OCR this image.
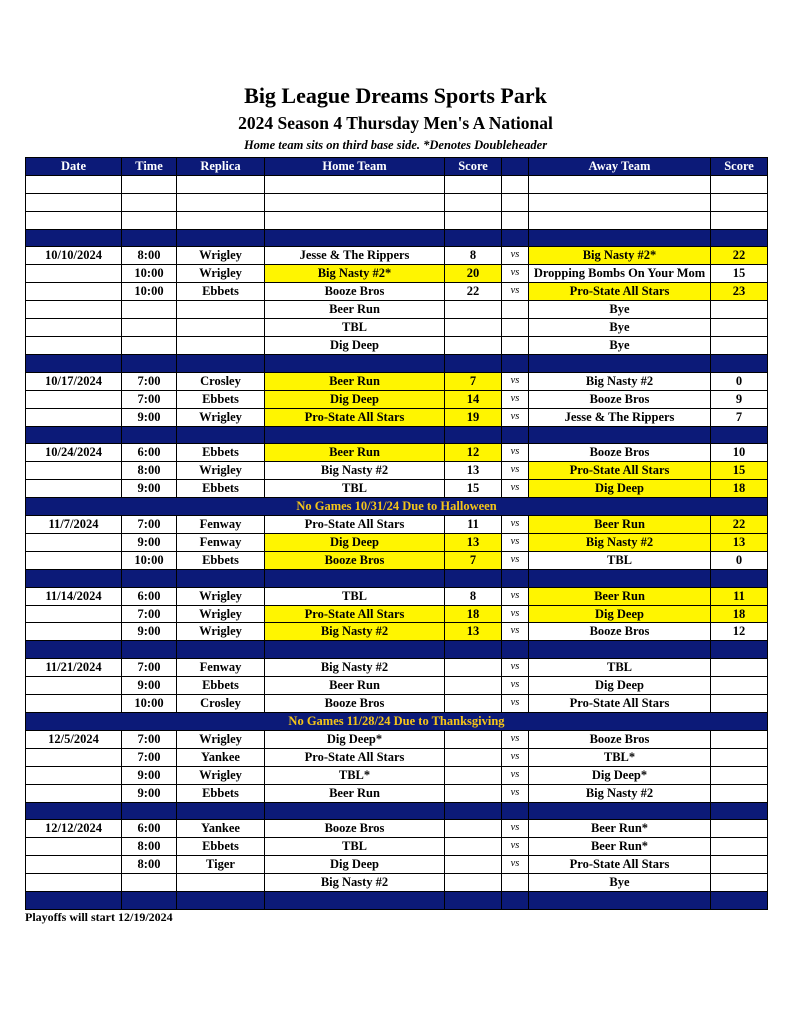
Big League Dreams Sports Park
2024 Season 4 Thursday Men's A National
Home team sits on third base side. *Denotes Doubleheader
Date	Time	Replica	Home Team	Score		Away Team	Score

10/10/2024	8:00	Wrigley	Jesse & The Rippers	8	vs	Big Nasty #2*	22
	10:00	Wrigley	Big Nasty #2*	20	vs	Dropping Bombs On Your Mom	15
	10:00	Ebbets	Booze Bros	22	vs	Pro-State All Stars	23
			Beer Run			Bye	
			TBL			Bye	
			Dig Deep			Bye	

10/17/2024	7:00	Crosley	Beer Run	7	vs	Big Nasty #2	0
	7:00	Ebbets	Dig Deep	14	vs	Booze Bros	9
	9:00	Wrigley	Pro-State All Stars	19	vs	Jesse & The Rippers	7

10/24/2024	6:00	Ebbets	Beer Run	12	vs	Booze Bros	10
	8:00	Wrigley	Big Nasty #2	13	vs	Pro-State All Stars	15
	9:00	Ebbets	TBL	15	vs	Dig Deep	18
No Games 10/31/24 Due to Halloween							
11/7/2024	7:00	Fenway	Pro-State All Stars	11	vs	Beer Run	22
	9:00	Fenway	Dig Deep	13	vs	Big Nasty #2	13
	10:00	Ebbets	Booze Bros	7	vs	TBL	0

11/14/2024	6:00	Wrigley	TBL	8	vs	Beer Run	11
	7:00	Wrigley	Pro-State All Stars	18	vs	Dig Deep	18
	9:00	Wrigley	Big Nasty #2	13	vs	Booze Bros	12

11/21/2024	7:00	Fenway	Big Nasty #2		vs	TBL	
	9:00	Ebbets	Beer Run		vs	Dig Deep	
	10:00	Crosley	Booze Bros		vs	Pro-State All Stars	
No Games 11/28/24 Due to Thanksgiving							
12/5/2024	7:00	Wrigley	Dig Deep*		vs	Booze Bros	
	7:00	Yankee	Pro-State All Stars		vs	TBL*	
	9:00	Wrigley	TBL*		vs	Dig Deep*	
	9:00	Ebbets	Beer Run		vs	Big Nasty #2	

12/12/2024	6:00	Yankee	Booze Bros		vs	Beer Run*	
	8:00	Ebbets	TBL		vs	Beer Run*	
	8:00	Tiger	Dig Deep		vs	Pro-State All Stars	
			Big Nasty #2			Bye	

Playoffs will start 12/19/2024
